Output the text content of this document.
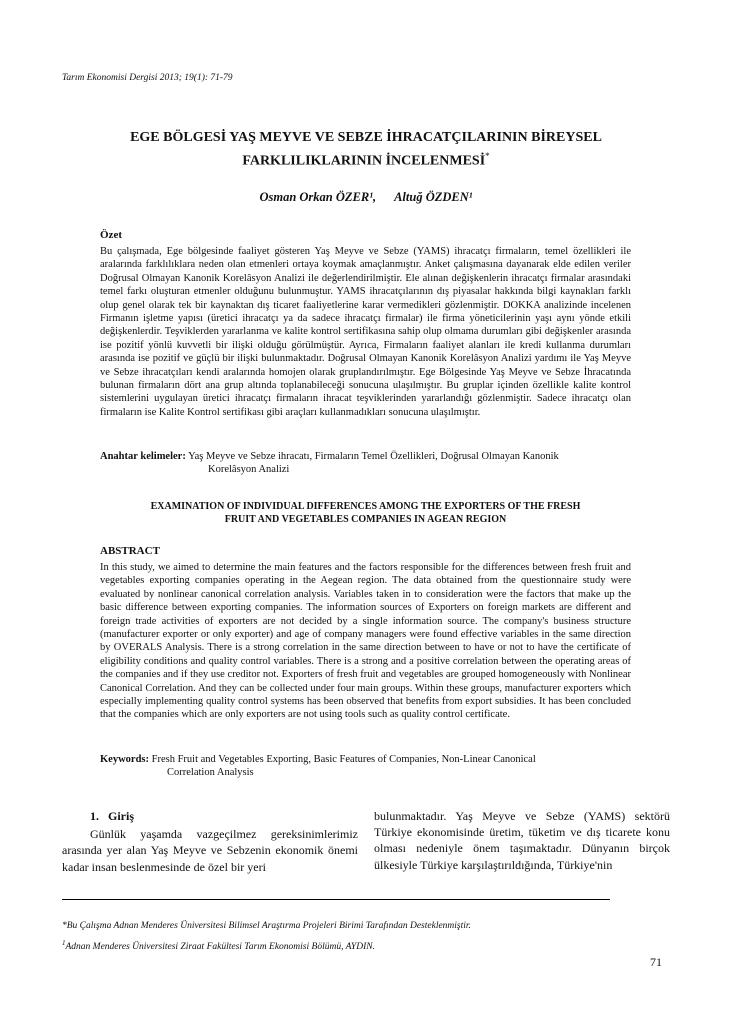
Tarım Ekonomisi Dergisi 2013; 19(1): 71-79
EGE BÖLGESİ YAŞ MEYVE VE SEBZE İHRACATÇILARININ BİREYSEL
FARKLILIKLARININ İNCELENMESİ*
Osman Orkan ÖZER¹, Altuğ ÖZDEN¹
Özet
Bu çalışmada, Ege bölgesinde faaliyet gösteren Yaş Meyve ve Sebze (YAMS) ihracatçı firmaların, temel özellikleri ile aralarında farklılıklara neden olan etmenleri ortaya koymak amaçlanmıştır. Anket çalışmasına dayanarak elde edilen veriler Doğrusal Olmayan Kanonik Korelâsyon Analizi ile değerlendirilmiştir. Ele alınan değişkenlerin ihracatçı firmalar arasındaki temel farkı oluşturan etmenler olduğunu bulunmuştur. YAMS ihracatçılarının dış piyasalar hakkında bilgi kaynakları farklı olup genel olarak tek bir kaynaktan dış ticaret faaliyetlerine karar vermedikleri gözlenmiştir. DOKKA analizinde incelenen Firmanın işletme yapısı (üretici ihracatçı ya da sadece ihracatçı firmalar) ile firma yöneticilerinin yaşı aynı yönde etkili değişkenlerdir. Teşviklerden yararlanma ve kalite kontrol sertifikasına sahip olup olmama durumları gibi değişkenler arasında ise pozitif yönlü kuvvetli bir ilişki olduğu görülmüştür. Ayrıca, Firmaların faaliyet alanları ile kredi kullanma durumları arasında ise pozitif ve güçlü bir ilişki bulunmaktadır. Doğrusal Olmayan Kanonik Korelâsyon Analizi yardımı ile Yaş Meyve ve Sebze ihracatçıları kendi aralarında homojen olarak gruplandırılmıştır. Ege Bölgesinde Yaş Meyve ve Sebze İhracatında bulunan firmaların dört ana grup altında toplanabileceği sonucuna ulaşılmıştır. Bu gruplar içinden özellikle kalite kontrol sistemlerini uygulayan üretici ihracatçı firmaların ihracat teşviklerinden yararlandığı gözlenmiştir. Sadece ihracatçı olan firmaların ise Kalite Kontrol sertifikası gibi araçları kullanmadıkları sonucuna ulaşılmıştır.
Anahtar kelimeler: Yaş Meyve ve Sebze ihracatı, Firmaların Temel Özellikleri, Doğrusal Olmayan Kanonik
Korelâsyon Analizi
EXAMINATION OF INDIVIDUAL DIFFERENCES AMONG THE EXPORTERS OF THE FRESH
FRUIT AND VEGETABLES COMPANIES IN AGEAN REGION
ABSTRACT
In this study, we aimed to determine the main features and the factors responsible for the differences between fresh fruit and vegetables exporting companies operating in the Aegean region. The data obtained from the questionnaire study were evaluated by nonlinear canonical correlation analysis. Variables taken in to consideration were the factors that make up the basic difference between exporting companies. The information sources of Exporters on foreign markets are different and foreign trade activities of exporters are not decided by a single information source. The company's business structure (manufacturer exporter or only exporter) and age of company managers were found effective variables in the same direction by OVERALS Analysis. There is a strong correlation in the same direction between to have or not to have the certificate of eligibility conditions and quality control variables. There is a strong and a positive correlation between the operating areas of the companies and if they use creditor not. Exporters of fresh fruit and vegetables are grouped homogeneously with Nonlinear Canonical Correlation. And they can be collected under four main groups. Within these groups, manufacturer exporters which especially implementing quality control systems has been observed that benefits from export subsidies. It has been concluded that the companies which are only exporters are not using tools such as quality control certificate.
Keywords: Fresh Fruit and Vegetables Exporting, Basic Features of Companies, Non-Linear Canonical
Correlation Analysis
1. Giriş
Günlük yaşamda vazgeçilmez gereksinimlerimiz arasında yer alan Yaş Meyve ve Sebzenin ekonomik önemi kadar insan beslenmesinde de özel bir yeri
bulunmaktadır. Yaş Meyve ve Sebze (YAMS) sektörü Türkiye ekonomisinde üretim, tüketim ve dış ticarete konu olması nedeniyle önem taşımaktadır. Dünyanın birçok ülkesiyle Türkiye karşılaştırıldığında, Türkiye'nin
*Bu Çalışma Adnan Menderes Üniversitesi Bilimsel Araştırma Projeleri Birimi Tarafından Desteklenmiştir.
$^1$Adnan Menderes Üniversitesi Ziraat Fakültesi Tarım Ekonomisi Bölümü, AYDIN.
71
